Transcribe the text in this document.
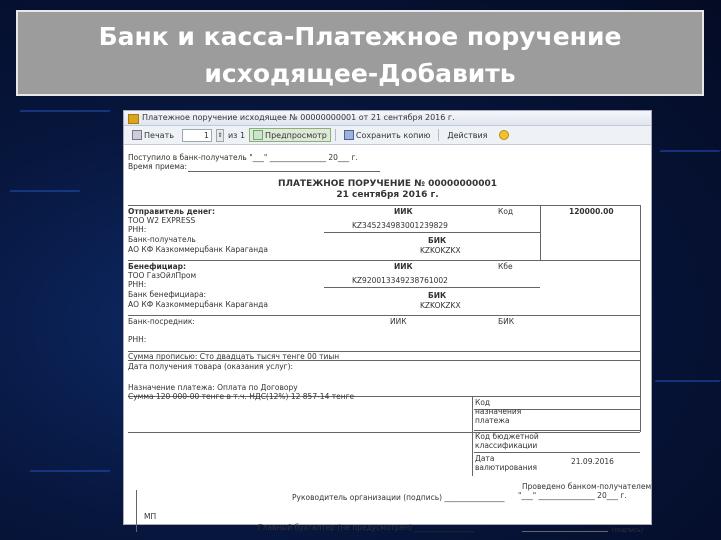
Банк и касса-Платежное поручение
исходящее-Добавить
Платежное поручение исходящее № 00000000001 от 21 сентября 2016 г.
Печать	1	⇕ из 1	Предпросмотр	Сохранить копию Действия
Поступило в банк-получатель "___" _______________ 20___ г.
Время приема:
ПЛАТЕЖНОЕ ПОРУЧЕНИЕ № 00000000001
21 сентября 2016 г.
Отправитель денег:	ИИК	Код	120000.00
ТОО W2 EXPRESS
РНН:	KZ345234983001239829
Банк-получатель	БИК
АО КФ Казкоммерцбанк Караганда	KZKOKZKX
Бенефициар:	ИИК	Кбе
ТОО ГазОйлПром
РНН:	KZ920013349238761002
Банк бенефициара:	БИК
АО КФ Казкоммерцбанк Караганда	KZKOKZKX
Банк-посредник:	ИИК	БИК
РНН:
Сумма прописью: Сто двадцать тысяч тенге 00 тиын
Дата получения товара (оказания услуг):
Назначение платежа: Оплата по Договору
Сумма 120 000-00 тенге в т.ч. НДС(12%) 12 857-14 тенге
Код
назначения
платежа
Код бюджетной
классификации
Дата
валютирования
21.09.2016
МП
Руководитель организации (подпись) ________________
Главный бухгалтер (не предусмотрен) ________________
Проведено банком-получателем
"___" _______________ 20___ г.
(подпись)
